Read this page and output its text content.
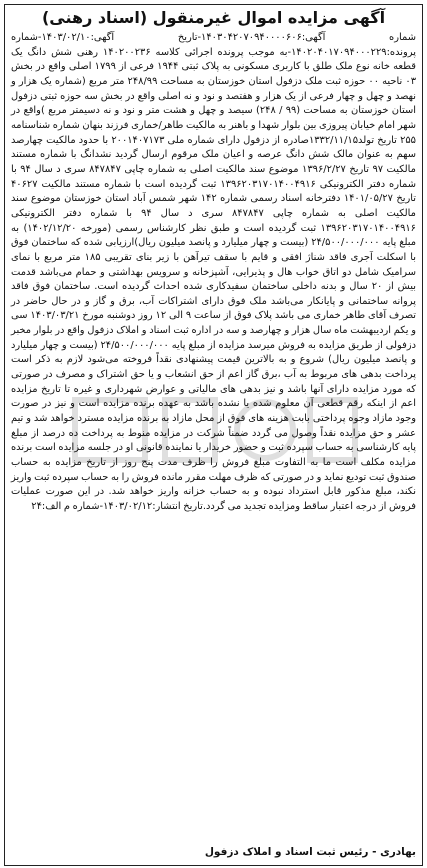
آگهی مزایده اموال غیرمنقول (اسناد رهنی)

شماره آگهی:۱۴۰۳۰۴۲۰۷۰۹۴۰۰۰۰۶۰۶-تاریخ آگهی:۱۴۰۳/۰۲/۱۰-شماره پرونده:۱۴۰۲۰۴۰۱۷۰۹۴۰۰۰۲۲۹-به موجب پرونده اجرائی کلاسه ۱۴۰۲۰۰۲۳۶ رهنی شش دانگ یک قطعه خانه نوع ملک طلق با کاربری مسکونی به پلاک ثبتی ۱۹۴۴ فرعی از ۱۷۹۹ اصلی واقع در بخش ۰۳ ناحیه ۰۰ حوزه ثبت ملک دزفول استان خوزستان به مساحت ۲۴۸/۹۹ متر مربع (شماره یک هزار و نهصد و چهل و چهار فرعی از یک هزار و هفتصد و نود و نه اصلی واقع در بخش سه حوزه ثبتی دزفول استان خوزستان به مساحت (۹۹ / ۲۴۸) سیصد و چهل و هشت متر و نود و نه دسیمتر مربع )واقع در شهر امام خیابان پیروزی بین بلوار شهدا و باهنر به مالکیت طاهر/خمارى فرزند بنهان شماره شناسنامه ۲۵۵ تاریخ تولد۱۳۳۲/۱۱/۱۵صادره از دزفول دارای شماره ملی ۲۰۰۱۴۰۷۱۷۳ با حدود مالکیت چهارصد سهم به عنوان مالک شش دانگ عرصه و اعیان ملک مرقوم ارسال گردید نشدانگ با شماره مستند مالکیت ۹۷ تاریخ ۱۳۹۶/۲/۲۷ موضوع سند مالکیت اصلی به شماره چاپی ۸۴۷۸۴۷ سری د سال ۹۴ با شماره دفتر الکترونیکی ۱۳۹۶۲۰۳۱۷۰۱۴۰۰۴۹۱۶ ثبت گردیده است با شماره مستند مالکیت ۴۰۶۲۷ تاریخ ۱۴۰۱/۰۵/۲۷ دفترخانه اسناد رسمی شماره ۱۴۲ شهر شمس آباد استان خوزستان موضوع سند مالکیت اصلی به شماره چاپی ۸۴۷۸۴۷ سری د سال ۹۴ با شماره دفتر الکترونیکی ۱۳۹۶۲۰۳۱۷۰۱۴۰۰۴۹۱۶ ثبت گردیده است و طبق نظر کارشناس رسمی (مورخه ۱۴۰۲/۱۲/۲۰) به مبلغ پایه ۲۴/۵۰۰/۰۰۰/۰۰۰ (بیست و چهار میلیارد و پانصد میلیون ریال)ارزیابی شده که ساختمان فوق با اسکلت آجری فاقد شناژ افقی و قایم با سقف تیرآهن با زیر بنای تقریبی ۱۸۵ متر مربع با نمای سرامیک شامل دو اتاق خواب هال و پذیرایی، آشپزخانه و سرویس بهداشتی و حمام می‌باشد قدمت بیش از ۲۰ سال و بدنه داخلی ساختمان سفیدکاری شده احداث گردیده است. ساختمان فوق فاقد پروانه ساختمانی و پایانکار می‌باشد ملک فوق دارای اشتراکات آب، برق و گاز و در حال حاضر در تصرف آقای طاهر خماری می باشد پلاک فوق از ساعت ۹ الی ۱۲ روز دوشنبه مورخ ۱۴۰۳/۰۳/۲۱ سی و یکم اردیبهشت ماه سال هزار و چهارصد و سه در اداره ثبت اسناد و املاک دزفول واقع در بلوار مخبر دزفولی از طریق مزایده به فروش میرسد مزایده از مبلغ پایه ۲۴/۵۰۰/۰۰۰/۰۰۰ (بیست و چهار میلیارد و پانصد میلیون ریال) شروع و به بالاترین قیمت پیشنهادی نقداً فروخته می‌شود لازم به ذکر است پرداخت بدهی های مربوط به آب ،برق گاز اعم از حق انشعاب و یا حق اشتراک و مصرف در صورتی که مورد مزایده دارای آنها باشد و نیز بدهی های مالیاتی و عوارض شهرداری و غیره تا تاریخ مزایده اعم از اینکه رقم قطعی آن معلوم شده یا نشده باشد به عهده برنده مزایده است و نیز در صورت وجود مازاد وجوه پرداختی بابت هزینه های فوق از محل مازاد به برنده مزایده مسترد خواهد شد و تیم عشر و حق مزایده نقداً وصول می گردد ضمناً شرکت در مزایده منوط به پرداخت ده درصد از مبلغ پایه کارشناسی به حساب سپرده ثبت و حضور خریدار یا نماینده قانونی او در جلسه مزایده است برنده مزایده مکلف است ما به التفاوت مبلغ فروش را ظرف مدت پنج روز از تاریخ مزایده به حساب صندوق ثبت تودیع نماید و در صورتی که ظرف مهلت مقرر مانده فروش را به حساب سپرده ثبت واریز نکند، مبلغ مذکور قابل استرداد نبوده و به حساب خزانه واریز خواهد شد. در این صورت عملیات فروش از درجه اعتبار ساقط ومزایده تجدید می گردد.تاریخ انتشار:۱۴۰۳/۰۲/۱۲-شماره م الف:۲۴

بهادری - رئیس ثبت اسناد و املاک دزفول
